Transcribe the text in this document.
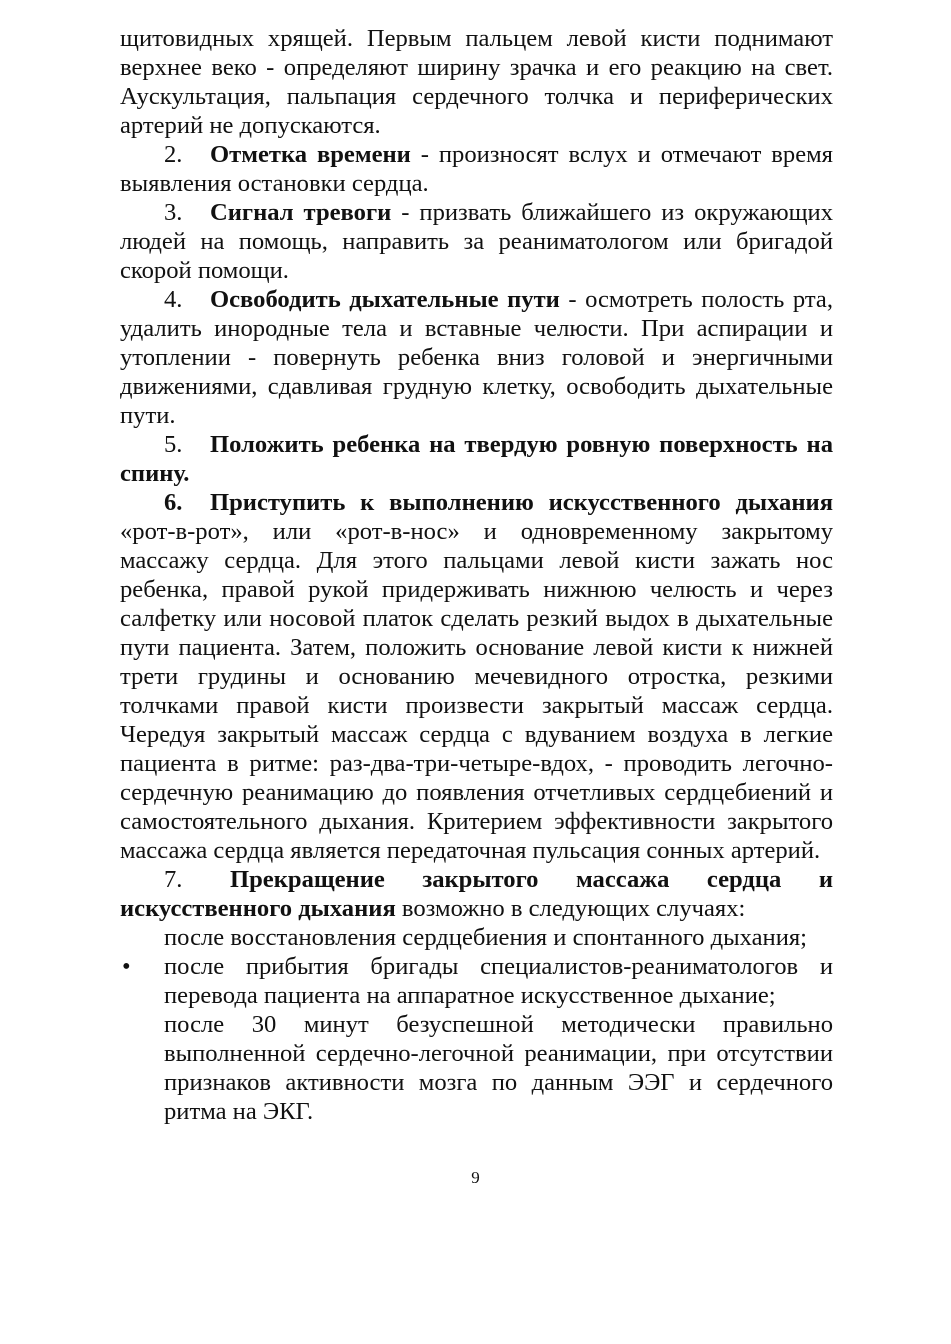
щитовидных хрящей. Первым пальцем левой кисти поднимают верхнее веко - определяют ширину зрачка и его реакцию на свет. Аускультация, пальпация сердечного толчка и периферических артерий не допускаются.

2. Отметка времени - произносят вслух и отмечают время выявления остановки сердца.

3. Сигнал тревоги - призвать ближайшего из окружающих людей на помощь, направить за реаниматологом или бригадой скорой помощи.

4. Освободить дыхательные пути - осмотреть полость рта, удалить инородные тела и вставные челюсти. При аспирации и утоплении - повернуть ребенка вниз головой и энергичными движениями, сдавливая грудную клетку, освободить дыхательные пути.

5. Положить ребенка на твердую ровную поверхность на спину.

6. Приступить к выполнению искусственного дыхания «рот-в-рот», или «рот-в-нос» и одновременному закрытому массажу сердца. Для этого пальцами левой кисти зажать нос ребенка, правой рукой придерживать нижнюю челюсть и через салфетку или носовой платок сделать резкий выдох в дыхательные пути пациента. Затем, положить основание левой кисти к нижней трети грудины и основанию мечевидного отростка, резкими толчками правой кисти произвести закрытый массаж сердца. Чередуя закрытый массаж сердца с вдуванием воздуха в легкие пациента в ритме: раз-два-три-четыре-вдох, - проводить легочно-сердечную реанимацию до появления отчетливых сердцебиений и самостоятельного дыхания. Критерием эффективности закрытого массажа сердца является передаточная пульсация сонных артерий.

7. Прекращение закрытого массажа сердца и искусственного дыхания возможно в следующих случаях:

после восстановления сердцебиения и спонтанного дыхания;
• после прибытия бригады специалистов-реаниматологов и перевода пациента на аппаратное искусственное дыхание;
после 30 минут безуспешной методически правильно выполненной сердечно-легочной реанимации, при отсутствии признаков активности мозга по данным ЭЭГ и сердечного ритма на ЭКГ.
9
